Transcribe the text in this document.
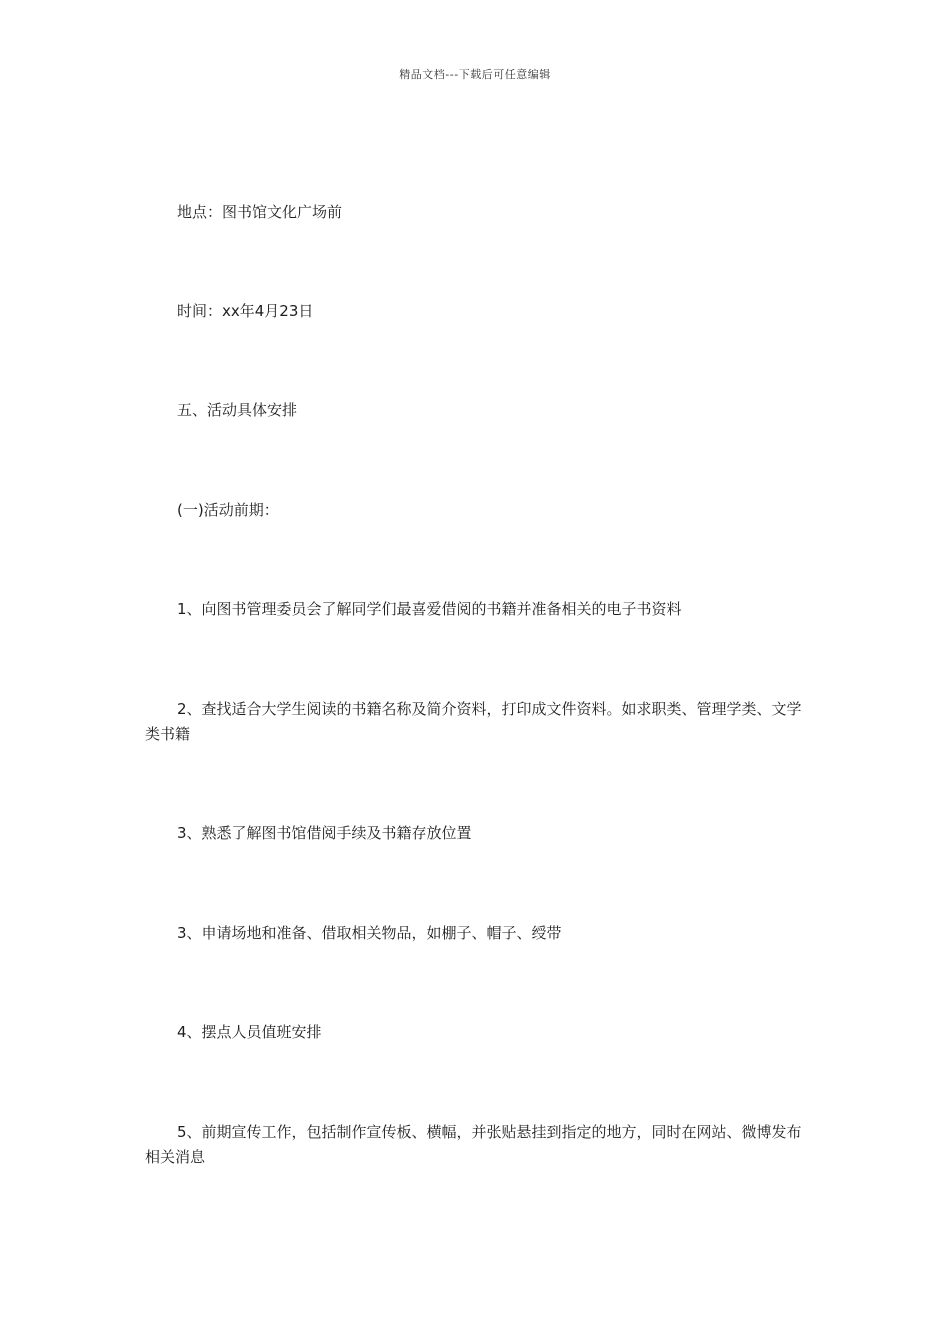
精品文档---下载后可任意编辑

地点：图书馆文化广场前

时间：xx年4月23日

五、活动具体安排

(一)活动前期：

1、向图书管理委员会了解同学们最喜爱借阅的书籍并准备相关的电子书资料

2、查找适合大学生阅读的书籍名称及简介资料，打印成文件资料。如求职类、管理学类、文学类书籍

3、熟悉了解图书馆借阅手续及书籍存放位置

3、申请场地和准备、借取相关物品，如棚子、帽子、绶带

4、摆点人员值班安排

5、前期宣传工作，包括制作宣传板、横幅，并张贴悬挂到指定的地方，同时在网站、微博发布相关消息
